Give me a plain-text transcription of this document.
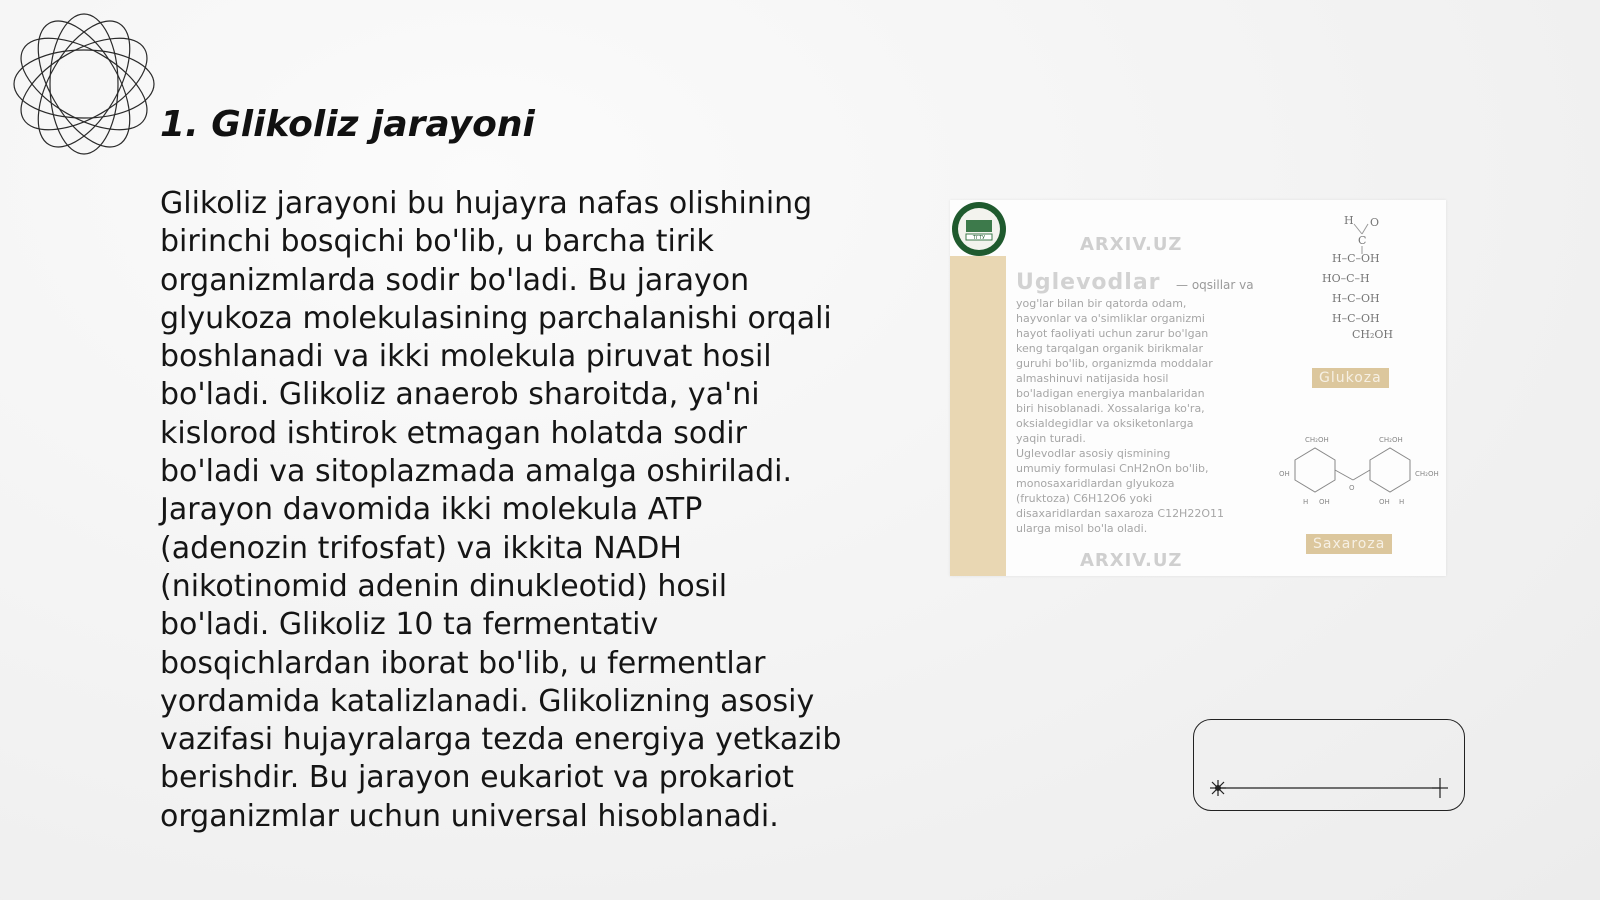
1. Glikoliz jarayoni
Glikoliz jarayoni bu hujayra nafas olishining
birinchi bosqichi bo'lib, u barcha tirik
organizmlarda sodir bo'ladi. Bu jarayon
glyukoza molekulasining parchalanishi orqali
boshlanadi va ikki molekula piruvat hosil
bo'ladi. Glikoliz anaerob sharoitda, ya'ni
kislorod ishtirok etmagan holatda sodir
bo'ladi va sitoplazmada amalga oshiriladi.
Jarayon davomida ikki molekula ATP
(adenozin trifosfat) va ikkita NADH
(nikotinomid adenin dinukleotid) hosil
bo'ladi. Glikoliz 10 ta fermentativ
bosqichlardan iborat bo'lib, u fermentlar
yordamida katalizlanadi. Glikolizning asosiy
vazifasi hujayralarga tezda energiya yetkazib
berishdir. Bu jarayon eukariot va prokariot
organizmlar uchun universal hisoblanadi.
ТГТУ	ARXIV.UZ
ARXIV.UZ
Uglevodlar — oqsillar va
yog'lar bilan bir qatorda odam,
hayvonlar va o'simliklar organizmi
hayot faoliyati uchun zarur bo'lgan
keng tarqalgan organik birikmalar
guruhi bo'lib, organizmda moddalar
almashinuvi natijasida hosil
bo'ladigan energiya manbalaridan
biri hisoblanadi. Xossalariga ko'ra,
oksialdegidlar va oksiketonlarga
yaqin turadi.
Uglevodlar asosiy qismining
umumiy formulasi CnH2nOn bo'lib,
monosaxaridlardan glyukoza
(fruktoza) C6H12O6 yoki
disaxaridlardan saxaroza C12H22O11
ularga misol bo'la oladi.
H O
C
H–C–OH
HO–C–H
H–C–OH
H–C–OH
CH₂OH
Glukoza
CH₂OH	CH₂OH
OH
H OH
O
CH₂OH
OH H
Saxaroza
